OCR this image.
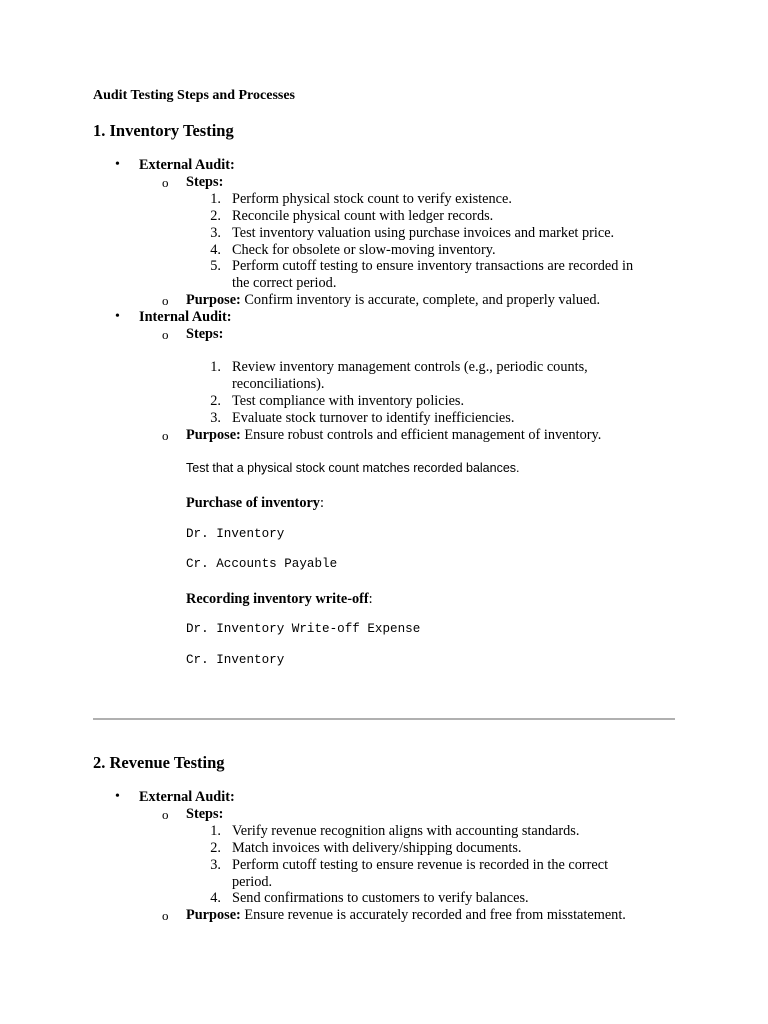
Audit Testing Steps and Processes
1. Inventory Testing
• External Audit:
o Steps:
1. Perform physical stock count to verify existence.
2. Reconcile physical count with ledger records.
3. Test inventory valuation using purchase invoices and market price.
4. Check for obsolete or slow-moving inventory.
5. Perform cutoff testing to ensure inventory transactions are recorded in
the correct period.
o Purpose: Confirm inventory is accurate, complete, and properly valued.
• Internal Audit:
o Steps:
1. Review inventory management controls (e.g., periodic counts,
reconciliations).
2. Test compliance with inventory policies.
3. Evaluate stock turnover to identify inefficiencies.
o Purpose: Ensure robust controls and efficient management of inventory.
Test that a physical stock count matches recorded balances.
Purchase of inventory:
Dr. Inventory
Cr. Accounts Payable
Recording inventory write-off:
Dr. Inventory Write-off Expense
Cr. Inventory
2. Revenue Testing
• External Audit:
o Steps:
1. Verify revenue recognition aligns with accounting standards.
2. Match invoices with delivery/shipping documents.
3. Perform cutoff testing to ensure revenue is recorded in the correct
period.
4. Send confirmations to customers to verify balances.
o Purpose: Ensure revenue is accurately recorded and free from misstatement.
